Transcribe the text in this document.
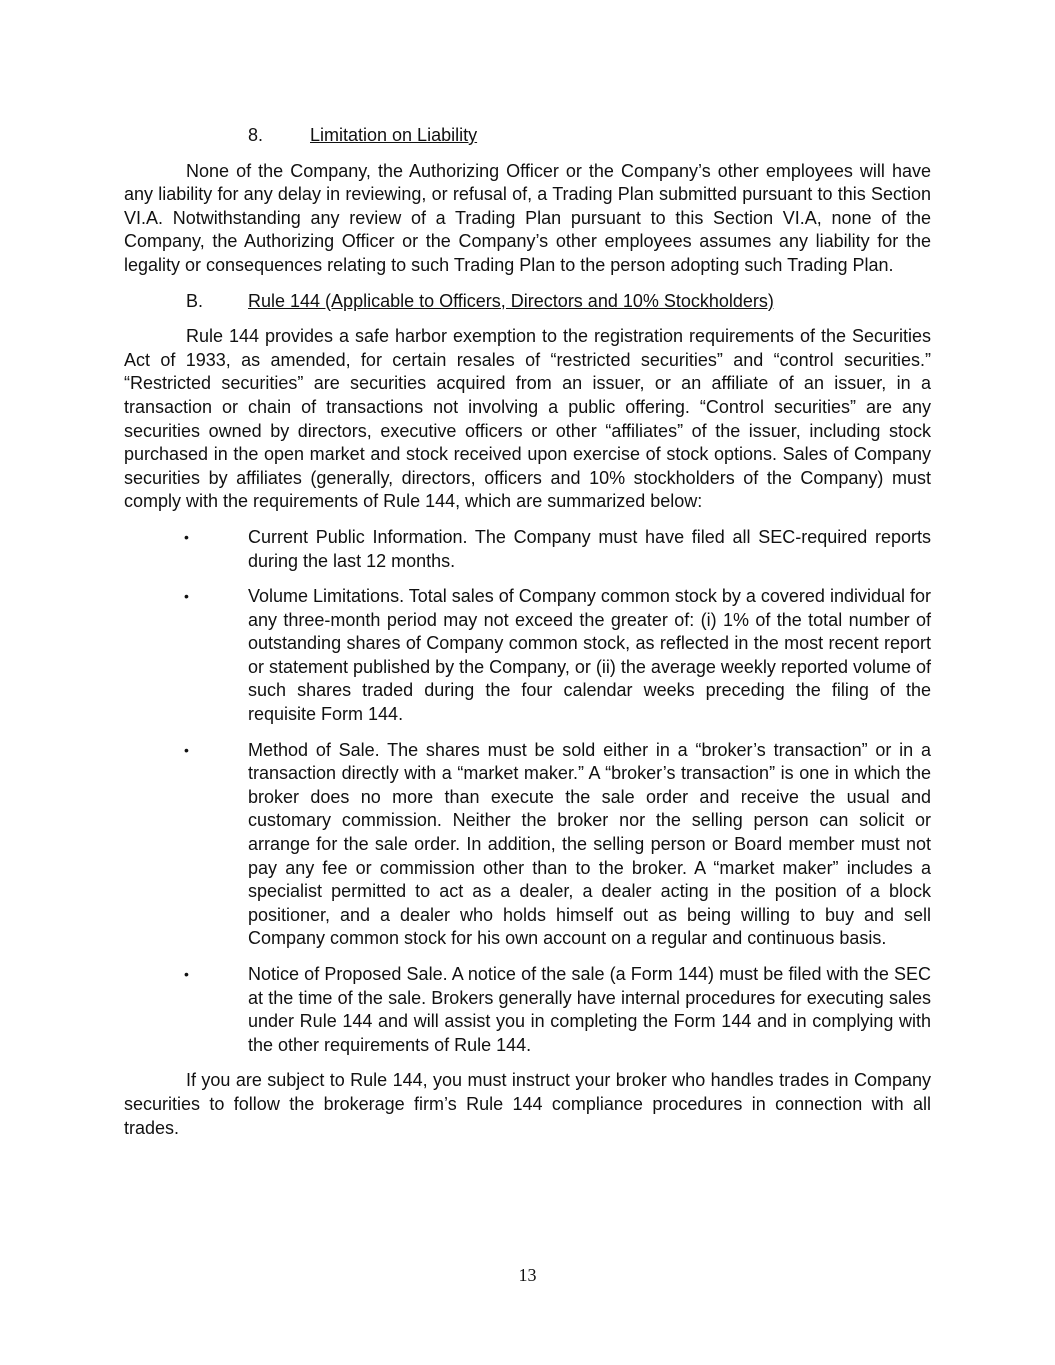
8.	Limitation on Liability

None of the Company, the Authorizing Officer or the Company’s other employees will have any liability for any delay in reviewing, or refusal of, a Trading Plan submitted pursuant to this Section VI.A. Notwithstanding any review of a Trading Plan pursuant to this Section VI.A, none of the Company, the Authorizing Officer or the Company’s other employees assumes any liability for the legality or consequences relating to such Trading Plan to the person adopting such Trading Plan.

B.	Rule 144 (Applicable to Officers, Directors and 10% Stockholders)

Rule 144 provides a safe harbor exemption to the registration requirements of the Securities Act of 1933, as amended, for certain resales of “restricted securities” and “control securities.” “Restricted securities” are securities acquired from an issuer, or an affiliate of an issuer, in a transaction or chain of transactions not involving a public offering. “Control securities” are any securities owned by directors, executive officers or other “affiliates” of the issuer, including stock purchased in the open market and stock received upon exercise of stock options. Sales of Company securities by affiliates (generally, directors, officers and 10% stockholders of the Company) must comply with the requirements of Rule 144, which are summarized below:

•	Current Public Information. The Company must have filed all SEC-required reports during the last 12 months.
•	Volume Limitations. Total sales of Company common stock by a covered individual for any three-month period may not exceed the greater of: (i) 1% of the total number of outstanding shares of Company common stock, as reflected in the most recent report or statement published by the Company, or (ii) the average weekly reported volume of such shares traded during the four calendar weeks preceding the filing of the requisite Form 144.
•	Method of Sale. The shares must be sold either in a “broker’s transaction” or in a transaction directly with a “market maker.” A “broker’s transaction” is one in which the broker does no more than execute the sale order and receive the usual and customary commission. Neither the broker nor the selling person can solicit or arrange for the sale order. In addition, the selling person or Board member must not pay any fee or commission other than to the broker. A “market maker” includes a specialist permitted to act as a dealer, a dealer acting in the position of a block positioner, and a dealer who holds himself out as being willing to buy and sell Company common stock for his own account on a regular and continuous basis.
•	Notice of Proposed Sale. A notice of the sale (a Form 144) must be filed with the SEC at the time of the sale. Brokers generally have internal procedures for executing sales under Rule 144 and will assist you in completing the Form 144 and in complying with the other requirements of Rule 144.

If you are subject to Rule 144, you must instruct your broker who handles trades in Company securities to follow the brokerage firm’s Rule 144 compliance procedures in connection with all trades.

13
